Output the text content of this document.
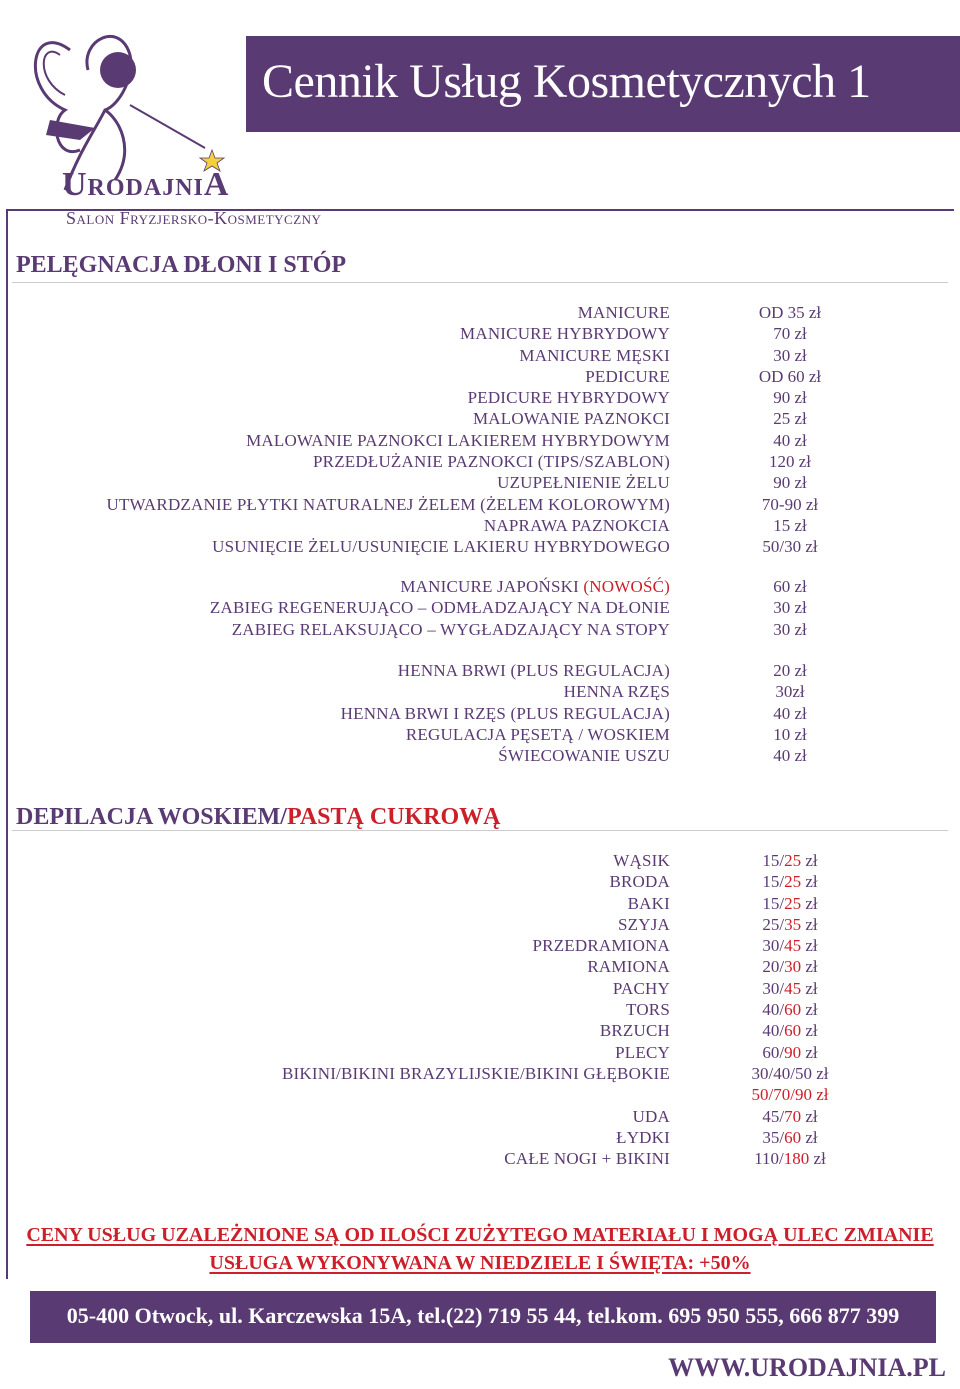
UrodajniA
Salon Fryzjersko-Kosmetyczny
Cennik Usług Kosmetycznych 1
PELĘGNACJA DŁONI I STÓP
MANICURE
MANICURE HYBRYDOWY
MANICURE MĘSKI
PEDICURE
PEDICURE HYBRYDOWY
MALOWANIE PAZNOKCI
MALOWANIE PAZNOKCI LAKIEREM HYBRYDOWYM
PRZEDŁUŻANIE PAZNOKCI (TIPS/SZABLON)
UZUPEŁNIENIE ŻELU
UTWARDZANIE PŁYTKI NATURALNEJ ŻELEM (ŻELEM KOLOROWYM)
NAPRAWA PAZNOKCIA
USUNIĘCIE ŻELU/USUNIĘCIE LAKIERU HYBRYDOWEGO
OD 35 zł
70 zł
30 zł
OD 60 zł
90 zł
25 zł
40 zł
120 zł
90 zł
70-90 zł
15 zł
50/30 zł
MANICURE JAPOŃSKI (NOWOŚĆ)
ZABIEG REGENERUJĄCO – ODMŁADZAJĄCY NA DŁONIE
ZABIEG RELAKSUJĄCO – WYGŁADZAJĄCY NA STOPY
60 zł
30 zł
30 zł
HENNA BRWI (PLUS REGULACJA)
HENNA RZĘS
HENNA BRWI I RZĘS (PLUS REGULACJA)
REGULACJA PĘSETĄ / WOSKIEM
ŚWIECOWANIE USZU
20 zł
30zł
40 zł
10 zł
40 zł
DEPILACJA WOSKIEM/PASTĄ CUKROWĄ
WĄSIK
BRODA
BAKI
SZYJA
PRZEDRAMIONA
RAMIONA
PACHY
TORS
BRZUCH
PLECY
BIKINI/BIKINI BRAZYLIJSKIE/BIKINI GŁĘBOKIE
UDA
ŁYDKI
CAŁE NOGI + BIKINI
15/25 zł
15/25 zł
15/25 zł
25/35 zł
30/45 zł
20/30 zł
30/45 zł
40/60 zł
40/60 zł
60/90 zł
30/40/50 zł
50/70/90 zł
45/70 zł
35/60 zł
110/180 zł
CENY USŁUG UZALEŻNIONE SĄ OD ILOŚCI ZUŻYTEGO MATERIAŁU I MOGĄ ULEC ZMIANIE
USŁUGA WYKONYWANA W NIEDZIELE I ŚWIĘTA: +50%
05-400 Otwock, ul. Karczewska 15A, tel.(22) 719 55 44, tel.kom. 695 950 555, 666 877 399
WWW.URODAJNIA.PL
